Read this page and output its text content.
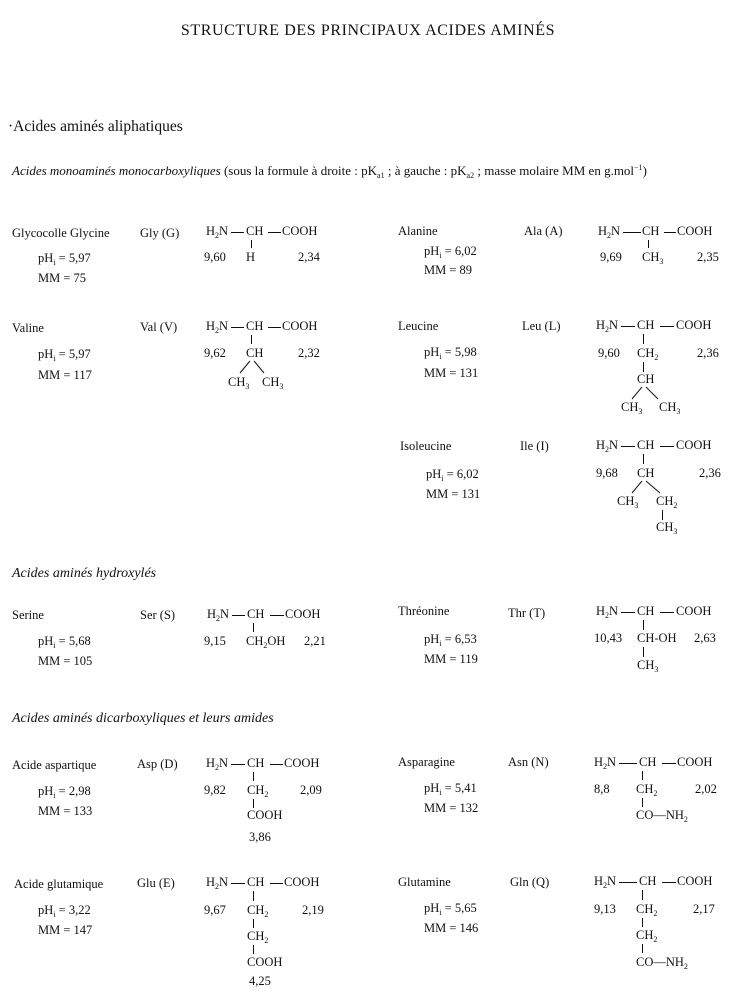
STRUCTURE DES PRINCIPAUX ACIDES AMINÉS
·Acides aminés aliphatiques
Acides monoaminés monocarboxyliques (sous la formule à droite : $pK_{a1}$ ; à gauche : $pK_{a2}$ ; masse molaire MM en g.mol$^{-1}$)
Glycocolle Glycine Gly (G)
$pH_i = 5,97$
MM = 75
$H_2N$ CH COOH
9,60 H	2,34
Alanine	Ala (A)
$pH_i = 6,02$
MM = 89
$H_2N$ CH COOH
9,69 $CH_3$	2,35
Valine	Val (V)
$pH_i = 5,97$
MM = 117
$H_2N$ CH COOH
9,62 CH	2,32
$CH_3$ $CH_3$
Leucine	Leu (L)
$pH_i = 5,98$
MM = 131
$H_2N$ CH COOH
9,60 $CH_2$	2,36
CH
$CH_3$ $CH_3$
Isoleucine	Ile (I)
$pH_i = 6,02$
MM = 131
$H_2N$ CH COOH
9,68 CH	2,36
$CH_3$ $CH_2$
$CH_3$
Acides aminés hydroxylés
Serine	Ser (S)
$pH_i = 5,68$
MM = 105
$H_2N$ CH COOH
9,15 $CH_2OH$ 2,21
Thréonine	Thr (T)
$pH_i = 6,53$
MM = 119
$H_2N$ CH COOH
10,43 CH-OH 2,63
$CH_3$
Acides aminés dicarboxyliques et leurs amides
Acide aspartique	Asp (D)
$pH_i = 2,98$
MM = 133
$H_2N$ CH COOH
9,82 $CH_2$	2,09
COOH
3,86
Asparagine	Asn (N)
$pH_i = 5,41$
MM = 132
$H_2N$ CH COOH
8,8 $CH_2$	2,02
$CO—NH_2$
Acide glutamique	Glu (E)
$pH_i = 3,22$
MM = 147
$H_2N$ CH COOH
9,67 $CH_2$	2,19
$CH_2$
COOH
4,25
Glutamine	Gln (Q)
$pH_i = 5,65$
MM = 146
$H_2N$ CH COOH
9,13 $CH_2$	2,17
$CH_2$
$CO—NH_2$
